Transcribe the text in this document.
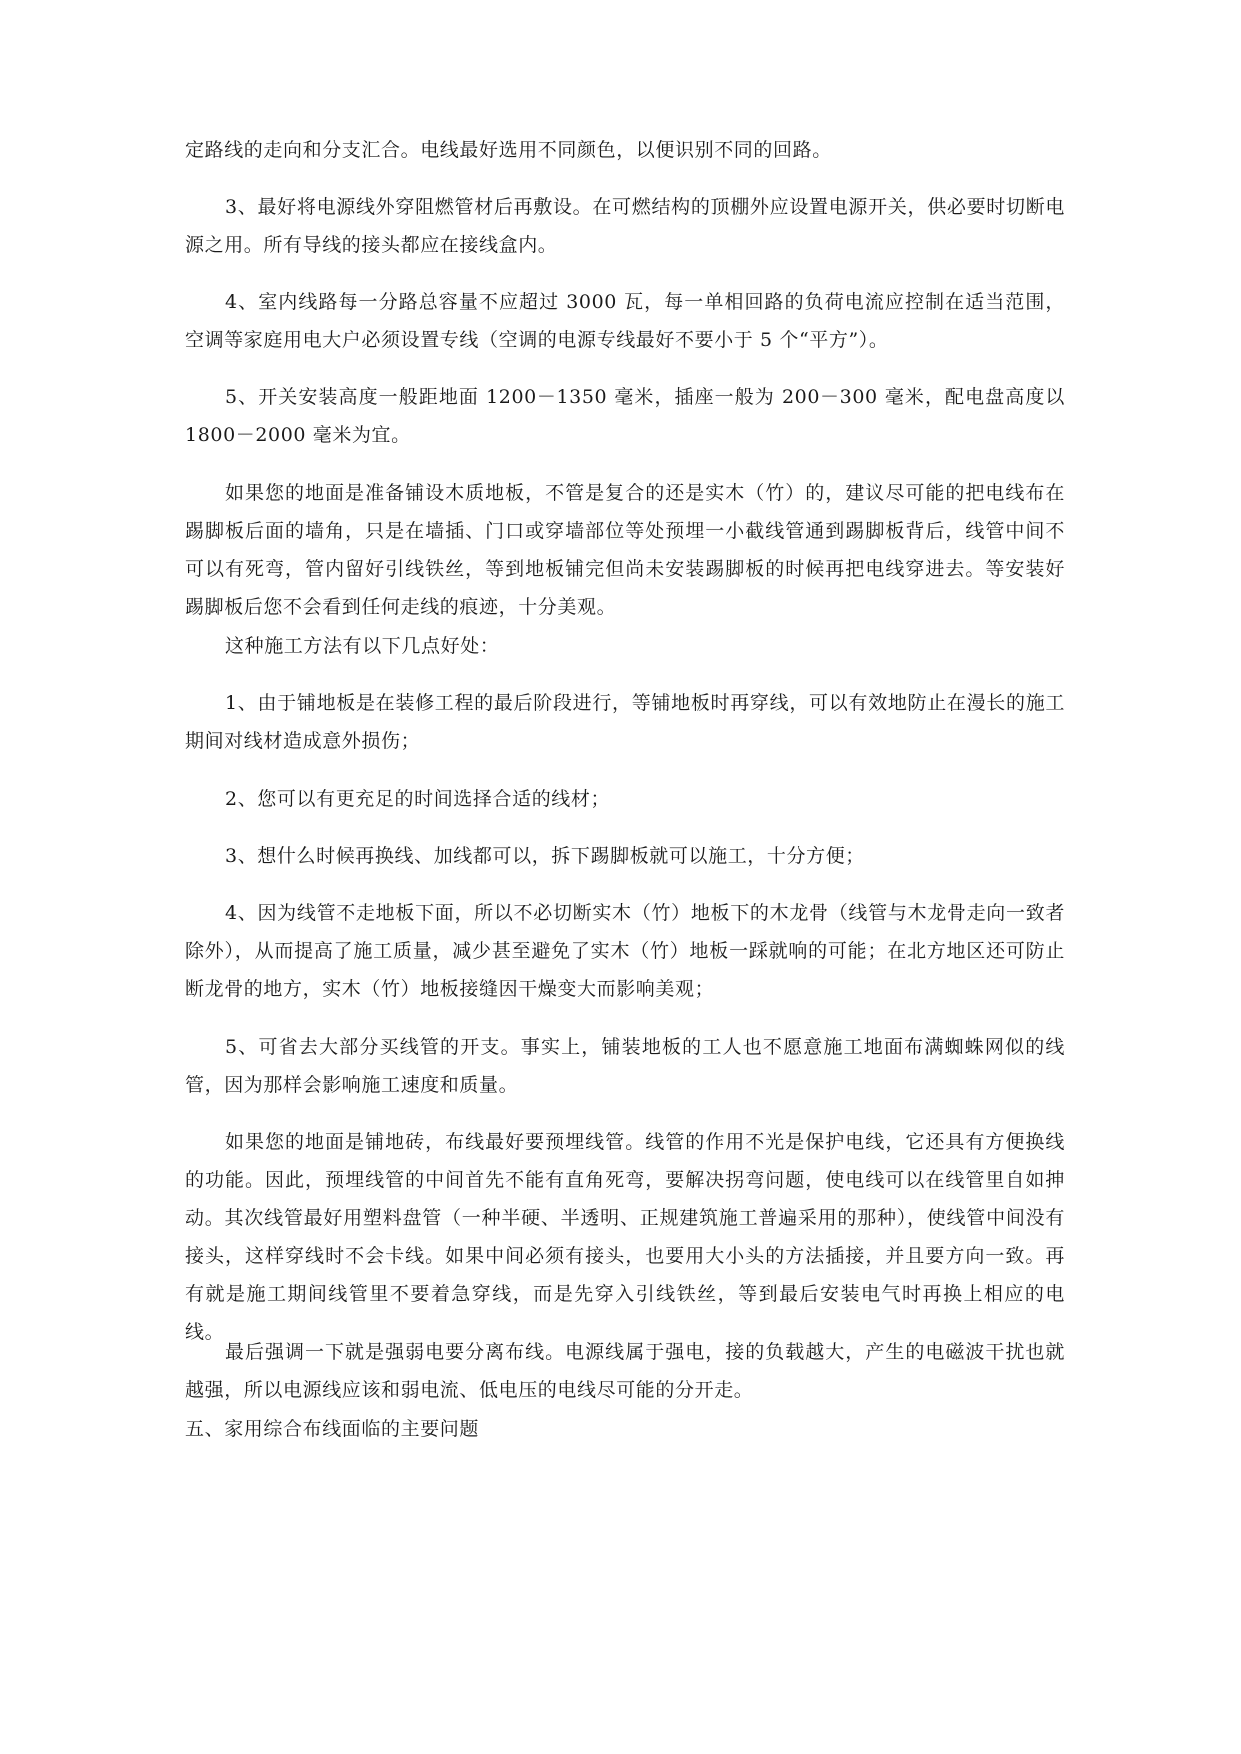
定路线的走向和分支汇合。电线最好选用不同颜色，以便识别不同的回路。

3、最好将电源线外穿阻燃管材后再敷设。在可燃结构的顶棚外应设置电源开关，供必要时切断电源之用。所有导线的接头都应在接线盒内。

4、室内线路每一分路总容量不应超过 3000 瓦，每一单相回路的负荷电流应控制在适当范围，空调等家庭用电大户必须设置专线（空调的电源专线最好不要小于 5 个“平方”）。

5、开关安装高度一般距地面 1200－1350 毫米，插座一般为 200－300 毫米，配电盘高度以 1800－2000 毫米为宜。

如果您的地面是准备铺设木质地板，不管是复合的还是实木（竹）的，建议尽可能的把电线布在踢脚板后面的墙角，只是在墙插、门口或穿墙部位等处预埋一小截线管通到踢脚板背后，线管中间不可以有死弯，管内留好引线铁丝，等到地板铺完但尚未安装踢脚板的时候再把电线穿进去。等安装好踢脚板后您不会看到任何走线的痕迹，十分美观。

这种施工方法有以下几点好处：

1、由于铺地板是在装修工程的最后阶段进行，等铺地板时再穿线，可以有效地防止在漫长的施工期间对线材造成意外损伤；

2、您可以有更充足的时间选择合适的线材；

3、想什么时候再换线、加线都可以，拆下踢脚板就可以施工，十分方便；

4、因为线管不走地板下面，所以不必切断实木（竹）地板下的木龙骨（线管与木龙骨走向一致者除外），从而提高了施工质量，减少甚至避免了实木（竹）地板一踩就响的可能；在北方地区还可防止断龙骨的地方，实木（竹）地板接缝因干燥变大而影响美观；

5、可省去大部分买线管的开支。事实上，铺装地板的工人也不愿意施工地面布满蜘蛛网似的线管，因为那样会影响施工速度和质量。

如果您的地面是铺地砖，布线最好要预埋线管。线管的作用不光是保护电线，它还具有方便换线的功能。因此，预埋线管的中间首先不能有直角死弯，要解决拐弯问题，使电线可以在线管里自如抻动。其次线管最好用塑料盘管（一种半硬、半透明、正规建筑施工普遍采用的那种），使线管中间没有接头，这样穿线时不会卡线。如果中间必须有接头，也要用大小头的方法插接，并且要方向一致。再有就是施工期间线管里不要着急穿线，而是先穿入引线铁丝，等到最后安装电气时再换上相应的电线。

最后强调一下就是强弱电要分离布线。电源线属于强电，接的负载越大，产生的电磁波干扰也就越强，所以电源线应该和弱电流、低电压的电线尽可能的分开走。

五、家用综合布线面临的主要问题
